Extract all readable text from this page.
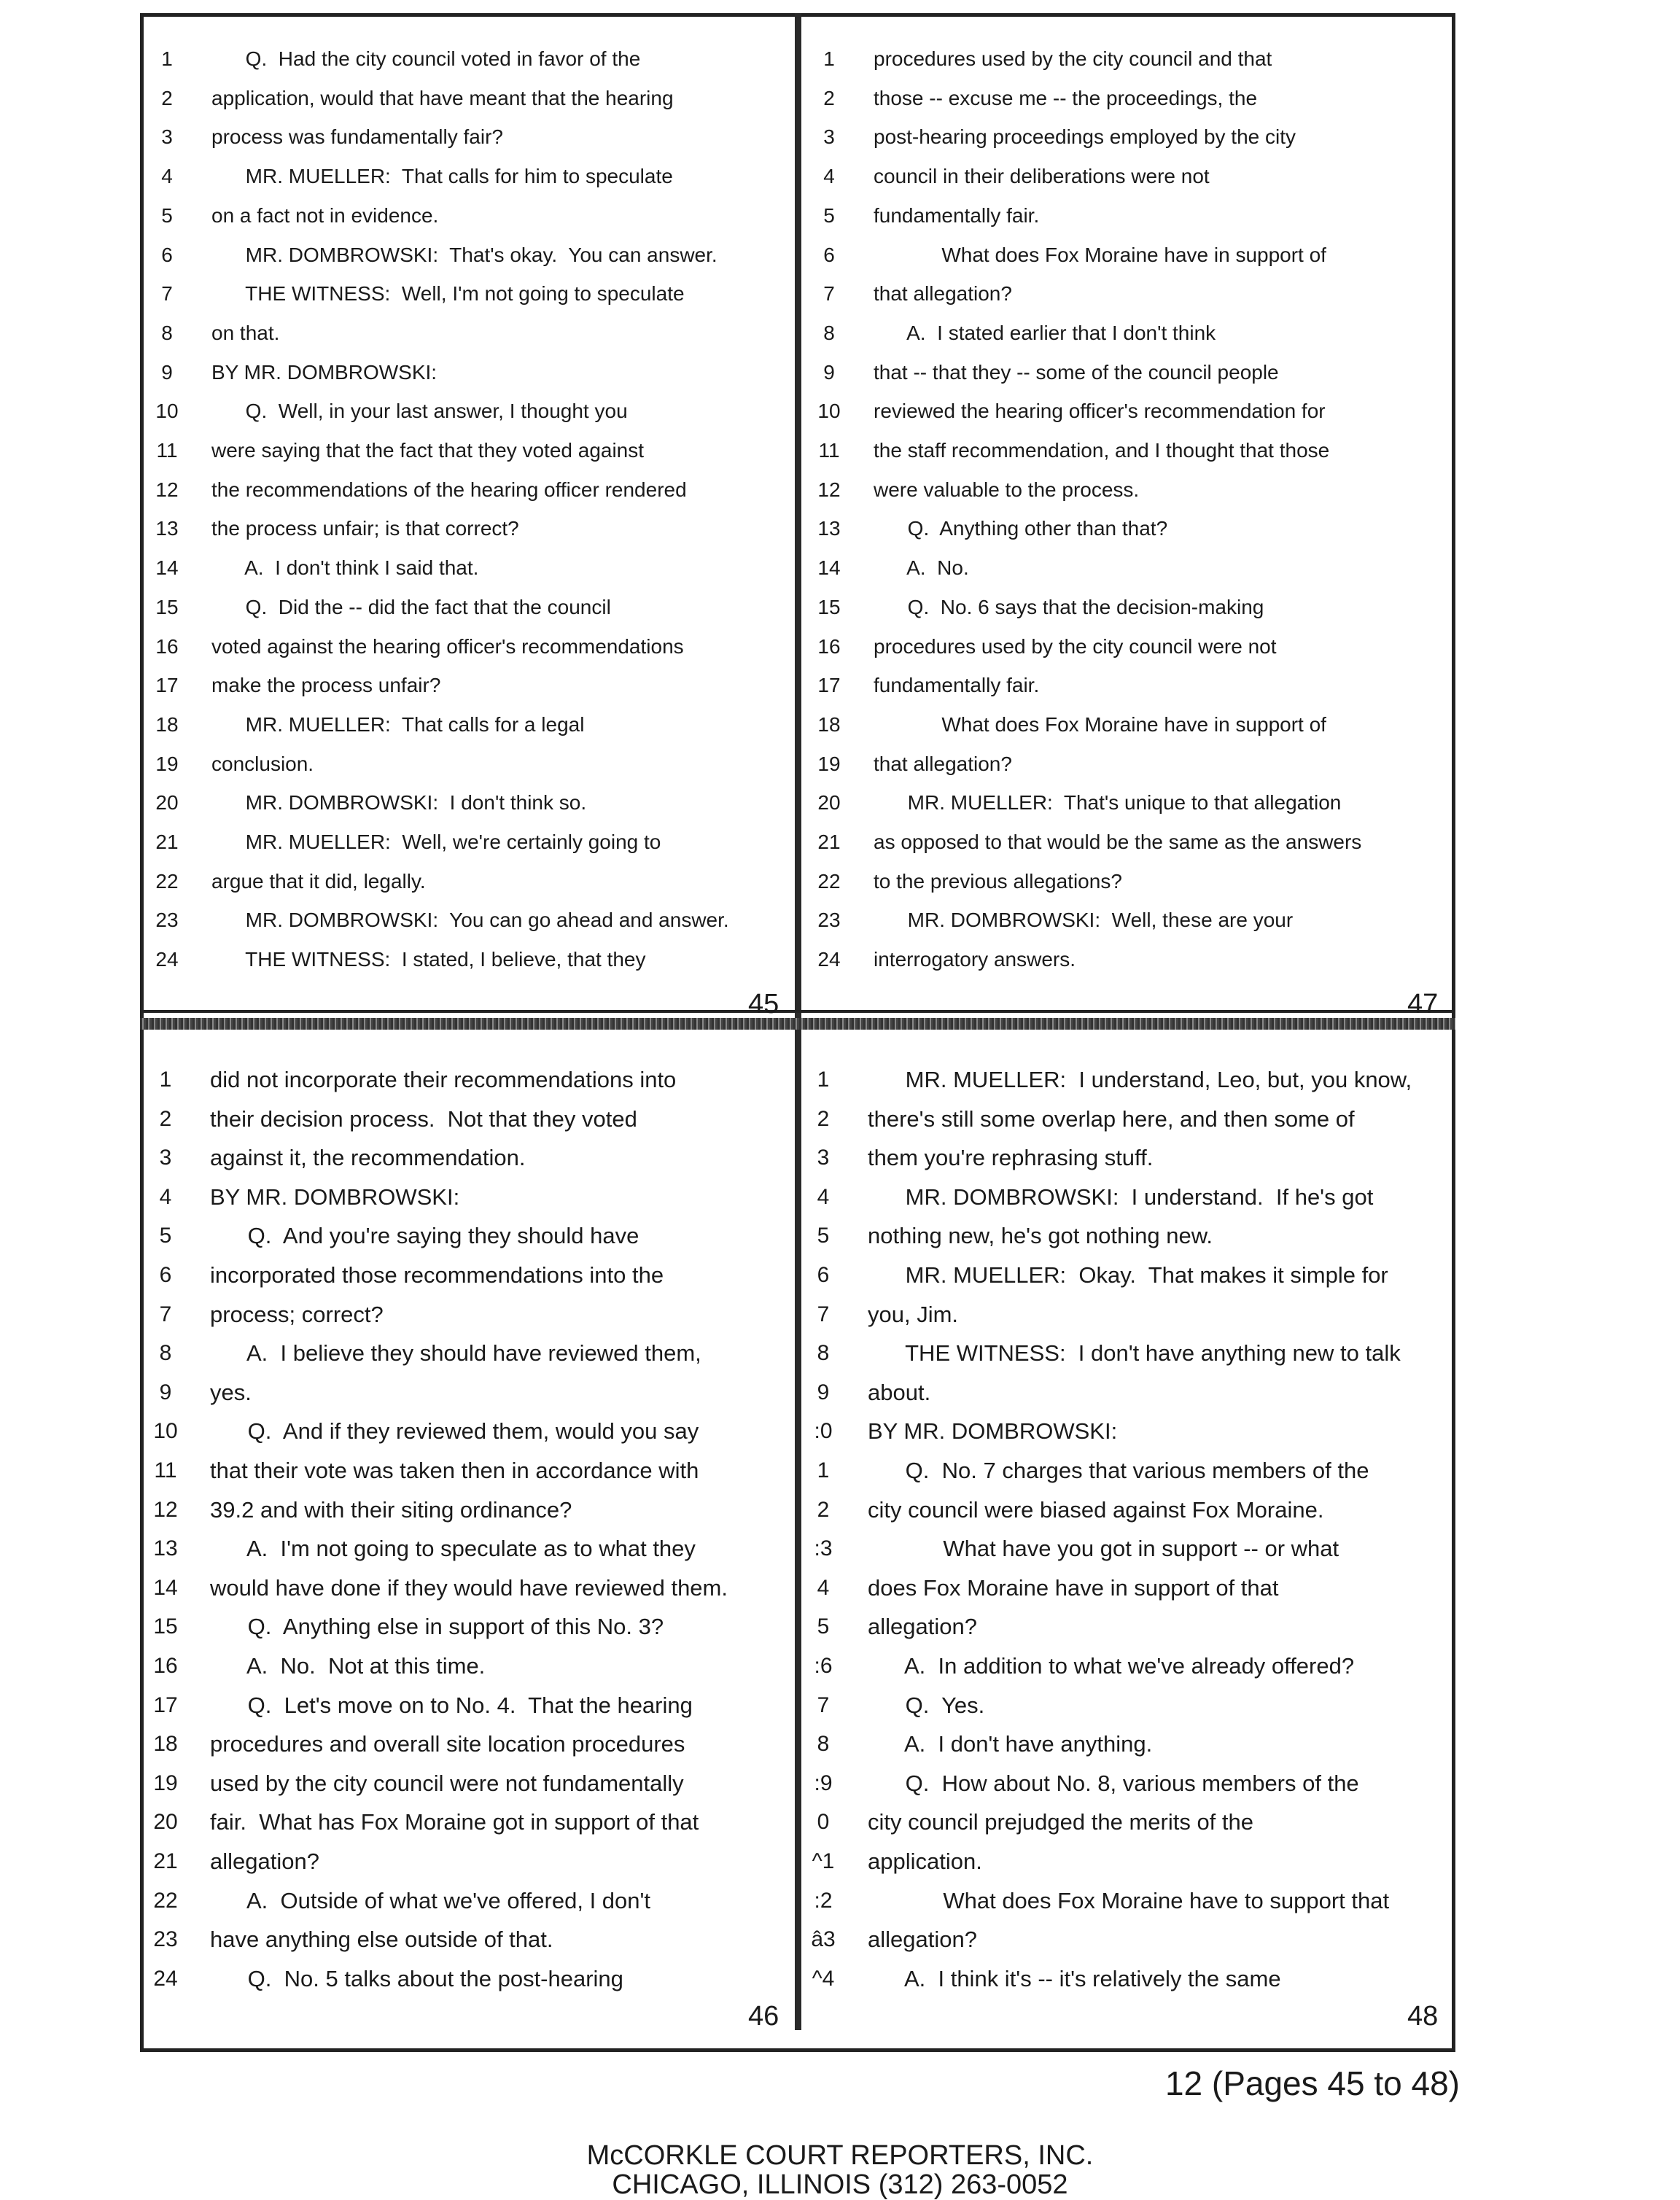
1	Q.  Had the city council voted in favor of the
2	application, would that have meant that the hearing
3	process was fundamentally fair?
4	MR. MUELLER:  That calls for him to speculate
5	on a fact not in evidence.
6	MR. DOMBROWSKI:  That's okay.  You can answer.
7	THE WITNESS:  Well, I'm not going to speculate
8	on that.
9	BY MR. DOMBROWSKI:
10	Q.  Well, in your last answer, I thought you
11	were saying that the fact that they voted against
12	the recommendations of the hearing officer rendered
13	the process unfair; is that correct?
14	A.  I don't think I said that.
15	Q.  Did the -- did the fact that the council
16	voted against the hearing officer's recommendations
17	make the process unfair?
18	MR. MUELLER:  That calls for a legal
19	conclusion.
20	MR. DOMBROWSKI:  I don't think so.
21	MR. MUELLER:  Well, we're certainly going to
22	argue that it did, legally.
23	MR. DOMBROWSKI:  You can go ahead and answer.
24	THE WITNESS:  I stated, I believe, that they
45
1	procedures used by the city council and that
2	those -- excuse me -- the proceedings, the
3	post-hearing proceedings employed by the city
4	council in their deliberations were not
5	fundamentally fair.
6	What does Fox Moraine have in support of
7	that allegation?
8	A.  I stated earlier that I don't think
9	that -- that they -- some of the council people
10	reviewed the hearing officer's recommendation for
11	the staff recommendation, and I thought that those
12	were valuable to the process.
13	Q.  Anything other than that?
14	A.  No.
15	Q.  No. 6 says that the decision-making
16	procedures used by the city council were not
17	fundamentally fair.
18	What does Fox Moraine have in support of
19	that allegation?
20	MR. MUELLER:  That's unique to that allegation
21	as opposed to that would be the same as the answers
22	to the previous allegations?
23	MR. DOMBROWSKI:  Well, these are your
24	interrogatory answers.
47
1	did not incorporate their recommendations into
2	their decision process.  Not that they voted
3	against it, the recommendation.
4	BY MR. DOMBROWSKI:
5	Q.  And you're saying they should have
6	incorporated those recommendations into the
7	process; correct?
8	A.  I believe they should have reviewed them,
9	yes.
10	Q.  And if they reviewed them, would you say
11	that their vote was taken then in accordance with
12	39.2 and with their siting ordinance?
13	A.  I'm not going to speculate as to what they
14	would have done if they would have reviewed them.
15	Q.  Anything else in support of this No. 3?
16	A.  No.  Not at this time.
17	Q.  Let's move on to No. 4.  That the hearing
18	procedures and overall site location procedures
19	used by the city council were not fundamentally
20	fair.  What has Fox Moraine got in support of that
21	allegation?
22	A.  Outside of what we've offered, I don't
23	have anything else outside of that.
24	Q.  No. 5 talks about the post-hearing
46
1	MR. MUELLER:  I understand, Leo, but, you know,
2	there's still some overlap here, and then some of
3	them you're rephrasing stuff.
4	MR. DOMBROWSKI:  I understand.  If he's got
5	nothing new, he's got nothing new.
6	MR. MUELLER:  Okay.  That makes it simple for
7	you, Jim.
8	THE WITNESS:  I don't have anything new to talk
9	about.
:0	BY MR. DOMBROWSKI:
1	Q.  No. 7 charges that various members of the
2	city council were biased against Fox Moraine.
:3	What have you got in support -- or what
4	does Fox Moraine have in support of that
5	allegation?
:6	A.  In addition to what we've already offered?
7	Q.  Yes.
8	A.  I don't have anything.
:9	Q.  How about No. 8, various members of the
0	city council prejudged the merits of the
^1	application.
:2	What does Fox Moraine have to support that
â3	allegation?
^4	A.  I think it's -- it's relatively the same
48
12 (Pages 45 to 48)
McCORKLE COURT REPORTERS, INC.
CHICAGO, ILLINOIS (312) 263-0052
